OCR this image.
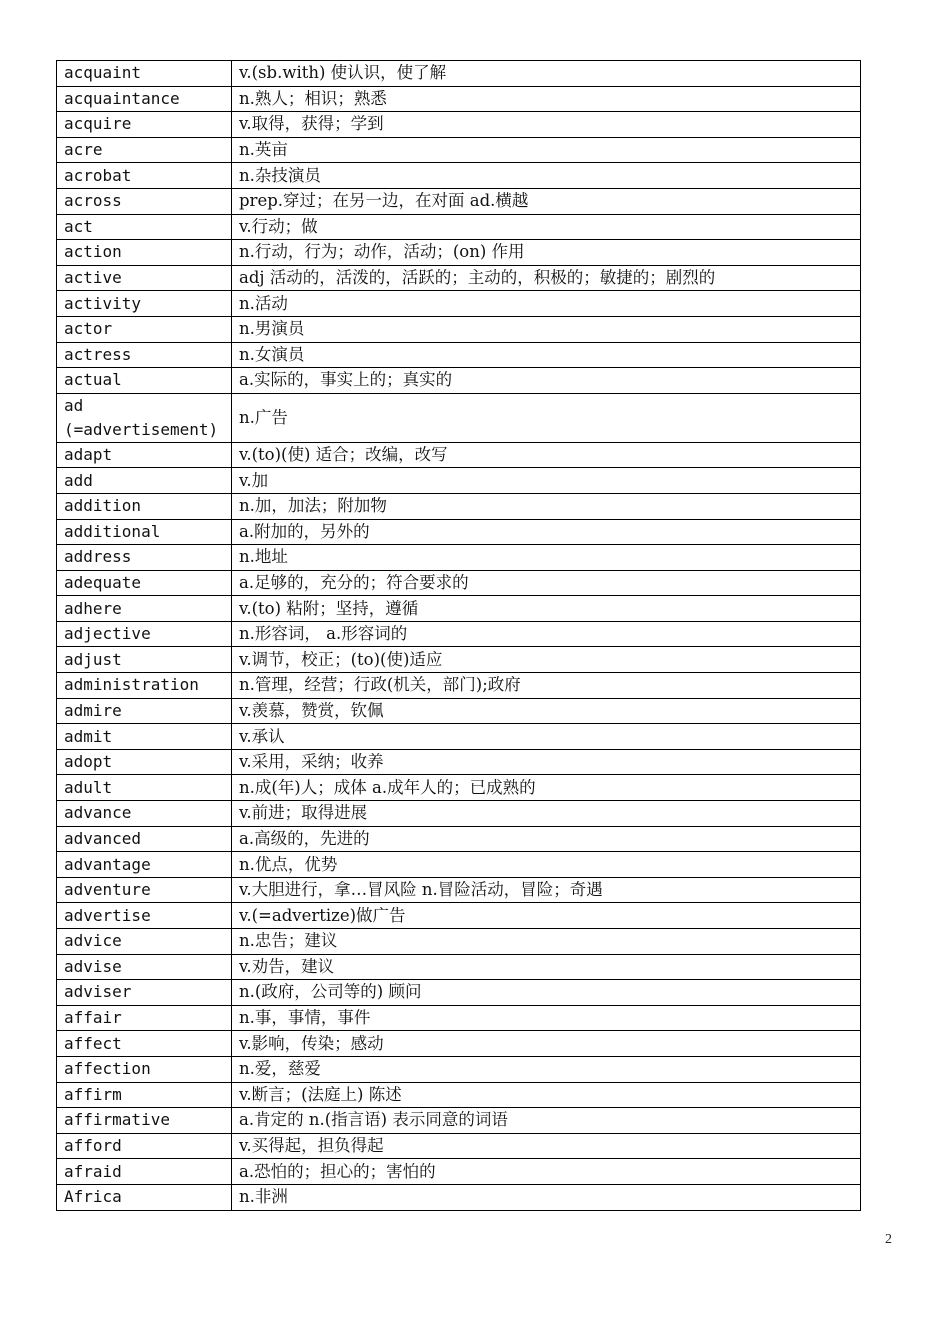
acquaint	v.(sb.with) 使认识，使了解
acquaintance	n.熟人；相识；熟悉
acquire	v.取得，获得；学到
acre	n.英亩
acrobat	n.杂技演员
across	prep.穿过；在另一边，在对面 ad.横越
act	v.行动；做
action	n.行动，行为；动作，活动；(on) 作用
active	adj 活动的，活泼的，活跃的；主动的，积极的；敏捷的；剧烈的
activity	n.活动
actor	n.男演员
actress	n.女演员
actual	a.实际的，事实上的；真实的
ad (=advertisement)	n.广告
adapt	v.(to)(使) 适合；改编，改写
add	v.加
addition	n.加，加法；附加物
additional	a.附加的，另外的
address	n.地址
adequate	a.足够的，充分的；符合要求的
adhere	v.(to) 粘附；坚持，遵循
adjective	n.形容词， a.形容词的
adjust	v.调节，校正；(to)(使)适应
administration	n.管理，经营；行政(机关，部门);政府
admire	v.羡慕，赞赏，钦佩
admit	v.承认
adopt	v.采用，采纳；收养
adult	n.成(年)人；成体 a.成年人的；已成熟的
advance	v.前进；取得进展
advanced	a.高级的，先进的
advantage	n.优点，优势
adventure	v.大胆进行，拿…冒风险 n.冒险活动，冒险；奇遇
advertise	v.(=advertize)做广告
advice	n.忠告；建议
advise	v.劝告，建议
adviser	n.(政府，公司等的) 顾问
affair	n.事，事情，事件
affect	v.影响，传染；感动
affection	n.爱，慈爱
affirm	v.断言；(法庭上) 陈述
affirmative	a.肯定的 n.(指言语) 表示同意的词语
afford	v.买得起，担负得起
afraid	a.恐怕的；担心的；害怕的
Africa	n.非洲
2
